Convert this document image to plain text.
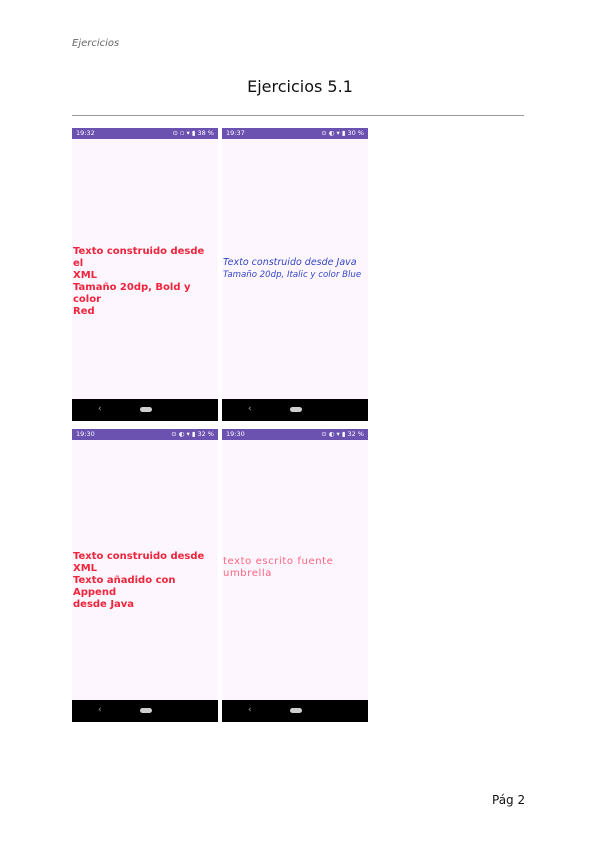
Ejercicios
Ejercicios 5.1
19:32	⊙ ▫ ▾ ▮ 38 %
Texto construido desde el
XML
Tamaño 20dp, Bold y color
Red
‹
19:37	⊙ ◐ ▾ ▮ 30 %
Texto construido desde Java
Tamaño 20dp, Italic y color Blue
‹
19:30	⊙ ◐ ▾ ▮ 32 %
Texto construido desde XML
Texto añadido con Append
desde Java
‹
19:30	⊙ ◐ ▾ ▮ 32 %
texto escrito fuente
umbrella
‹
Pág 2
